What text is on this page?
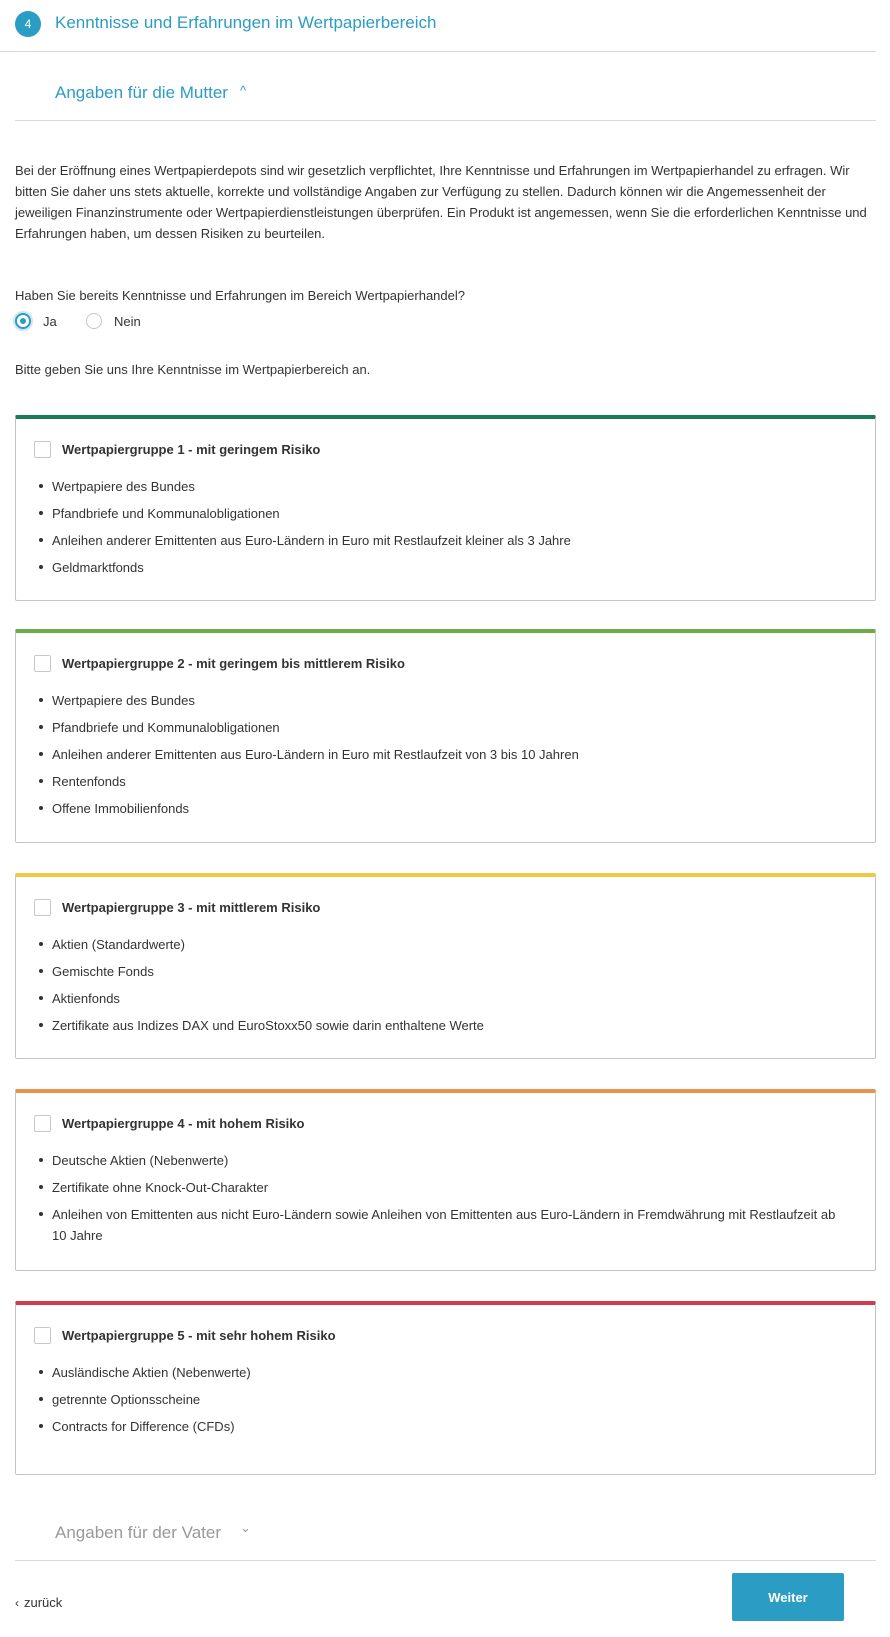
4	Kenntnisse und Erfahrungen im Wertpapierbereich
Angaben für die Mutter ^
Bei der Eröffnung eines Wertpapierdepots sind wir gesetzlich verpflichtet, Ihre Kenntnisse und Erfahrungen im Wertpapierhandel zu erfragen. Wir bitten Sie daher uns stets aktuelle, korrekte und vollständige Angaben zur Verfügung zu stellen. Dadurch können wir die Angemessenheit der jeweiligen Finanzinstrumente oder Wertpapierdienstleistungen überprüfen. Ein Produkt ist angemessen, wenn Sie die erforderlichen Kenntnisse und Erfahrungen haben, um dessen Risiken zu beurteilen.
Haben Sie bereits Kenntnisse und Erfahrungen im Bereich Wertpapierhandel?
Ja	Nein
Bitte geben Sie uns Ihre Kenntnisse im Wertpapierbereich an.
Wertpapiergruppe 1 - mit geringem Risiko
Wertpapiere des Bundes
Pfandbriefe und Kommunalobligationen
Anleihen anderer Emittenten aus Euro-Ländern in Euro mit Restlaufzeit kleiner als 3 Jahre
Geldmarktfonds
Wertpapiergruppe 2 - mit geringem bis mittlerem Risiko
Wertpapiere des Bundes
Pfandbriefe und Kommunalobligationen
Anleihen anderer Emittenten aus Euro-Ländern in Euro mit Restlaufzeit von 3 bis 10 Jahren
Rentenfonds
Offene Immobilienfonds
Wertpapiergruppe 3 - mit mittlerem Risiko
Aktien (Standardwerte)
Gemischte Fonds
Aktienfonds
Zertifikate aus Indizes DAX und EuroStoxx50 sowie darin enthaltene Werte
Wertpapiergruppe 4 - mit hohem Risiko
Deutsche Aktien (Nebenwerte)
Zertifikate ohne Knock-Out-Charakter
Anleihen von Emittenten aus nicht Euro-Ländern sowie Anleihen von Emittenten aus Euro-Ländern in Fremdwährung mit Restlaufzeit ab 10 Jahre
Wertpapiergruppe 5 - mit sehr hohem Risiko
Ausländische Aktien (Nebenwerte)
getrennte Optionsscheine
Contracts for Difference (CFDs)
Angaben für der Vater ⌄
‹ zurück	Weiter
